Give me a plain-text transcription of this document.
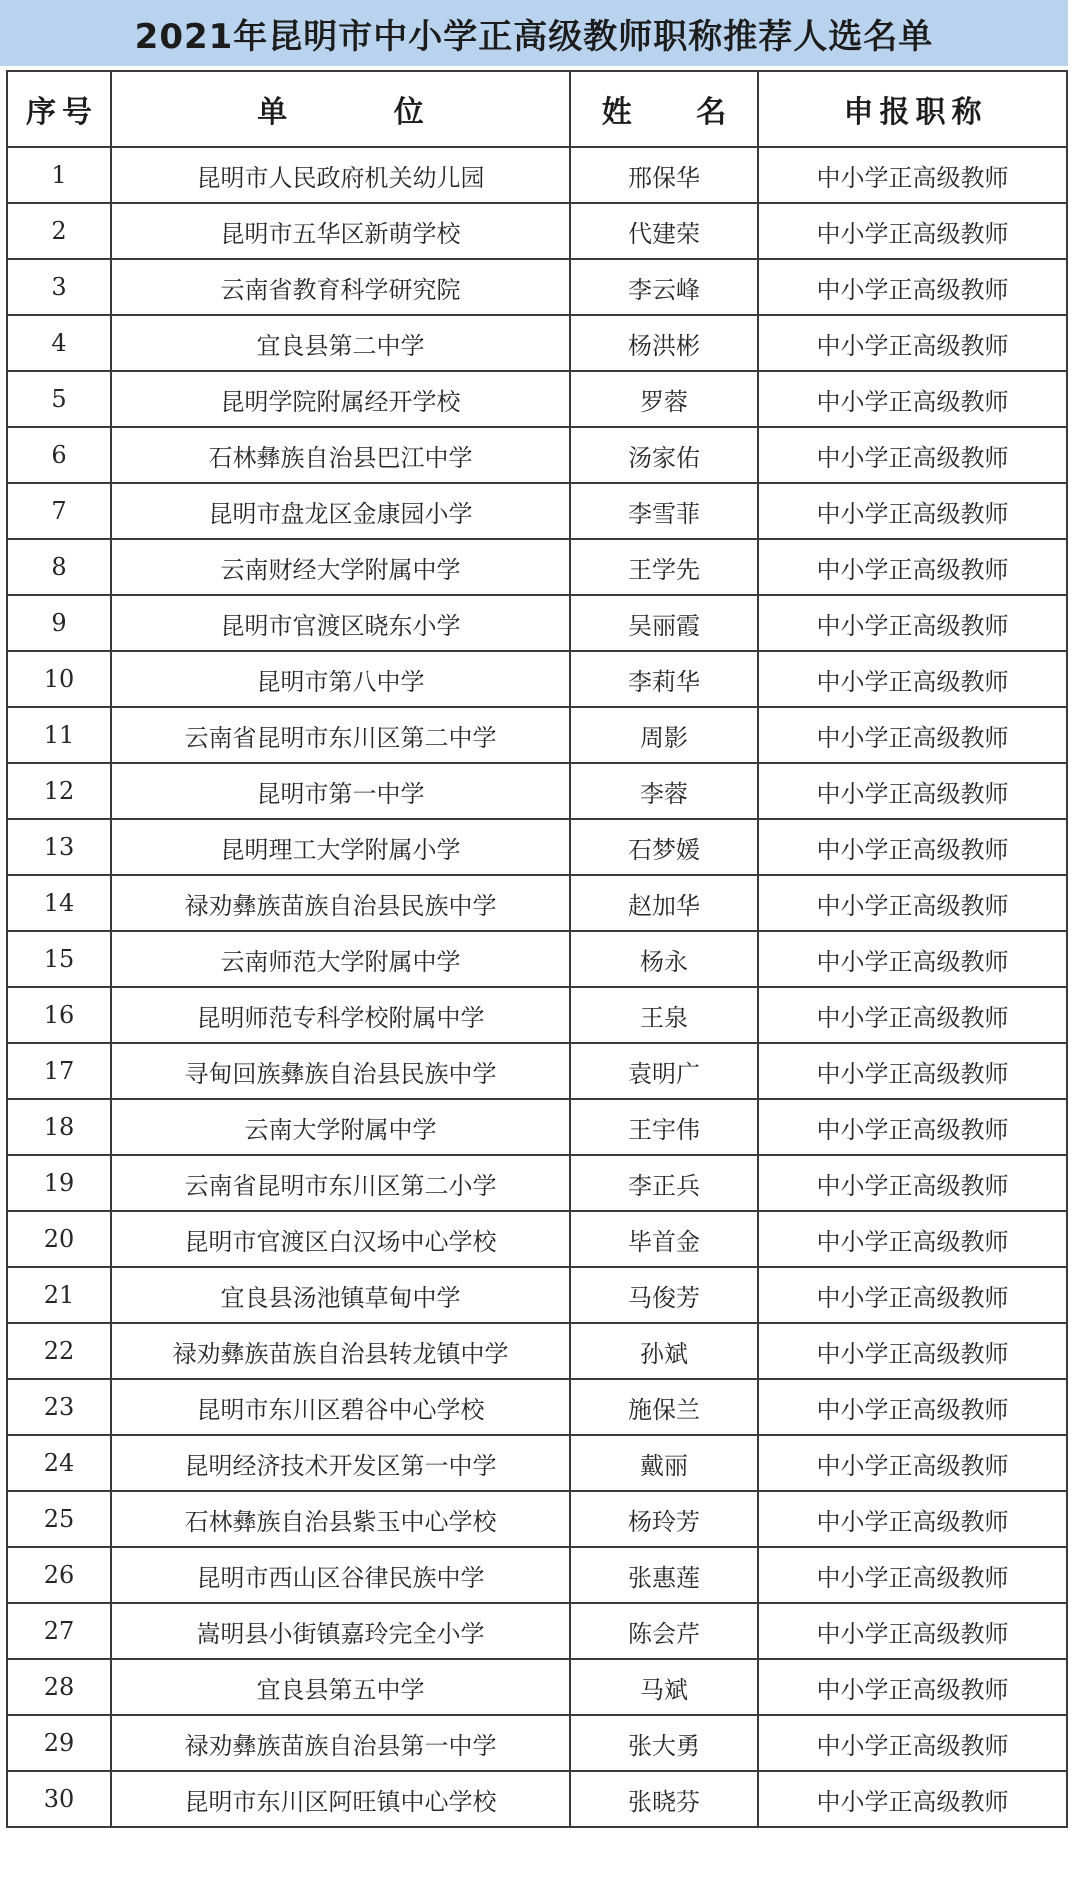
2021年昆明市中小学正高级教师职称推荐人选名单
序号	单 位	姓 名	申报职称
1	昆明市人民政府机关幼儿园	邢保华	中小学正高级教师
2	昆明市五华区新萌学校	代建荣	中小学正高级教师
3	云南省教育科学研究院	李云峰	中小学正高级教师
4	宜良县第二中学	杨洪彬	中小学正高级教师
5	昆明学院附属经开学校	罗蓉	中小学正高级教师
6	石林彝族自治县巴江中学	汤家佑	中小学正高级教师
7	昆明市盘龙区金康园小学	李雪菲	中小学正高级教师
8	云南财经大学附属中学	王学先	中小学正高级教师
9	昆明市官渡区晓东小学	吴丽霞	中小学正高级教师
10	昆明市第八中学	李莉华	中小学正高级教师
11	云南省昆明市东川区第二中学	周影	中小学正高级教师
12	昆明市第一中学	李蓉	中小学正高级教师
13	昆明理工大学附属小学	石梦媛	中小学正高级教师
14	禄劝彝族苗族自治县民族中学	赵加华	中小学正高级教师
15	云南师范大学附属中学	杨永	中小学正高级教师
16	昆明师范专科学校附属中学	王泉	中小学正高级教师
17	寻甸回族彝族自治县民族中学	袁明广	中小学正高级教师
18	云南大学附属中学	王宇伟	中小学正高级教师
19	云南省昆明市东川区第二小学	李正兵	中小学正高级教师
20	昆明市官渡区白汉场中心学校	毕首金	中小学正高级教师
21	宜良县汤池镇草甸中学	马俊芳	中小学正高级教师
22	禄劝彝族苗族自治县转龙镇中学	孙斌	中小学正高级教师
23	昆明市东川区碧谷中心学校	施保兰	中小学正高级教师
24	昆明经济技术开发区第一中学	戴丽	中小学正高级教师
25	石林彝族自治县紫玉中心学校	杨玲芳	中小学正高级教师
26	昆明市西山区谷律民族中学	张惠莲	中小学正高级教师
27	嵩明县小街镇嘉玲完全小学	陈会芹	中小学正高级教师
28	宜良县第五中学	马斌	中小学正高级教师
29	禄劝彝族苗族自治县第一中学	张大勇	中小学正高级教师
30	昆明市东川区阿旺镇中心学校	张晓芬	中小学正高级教师
